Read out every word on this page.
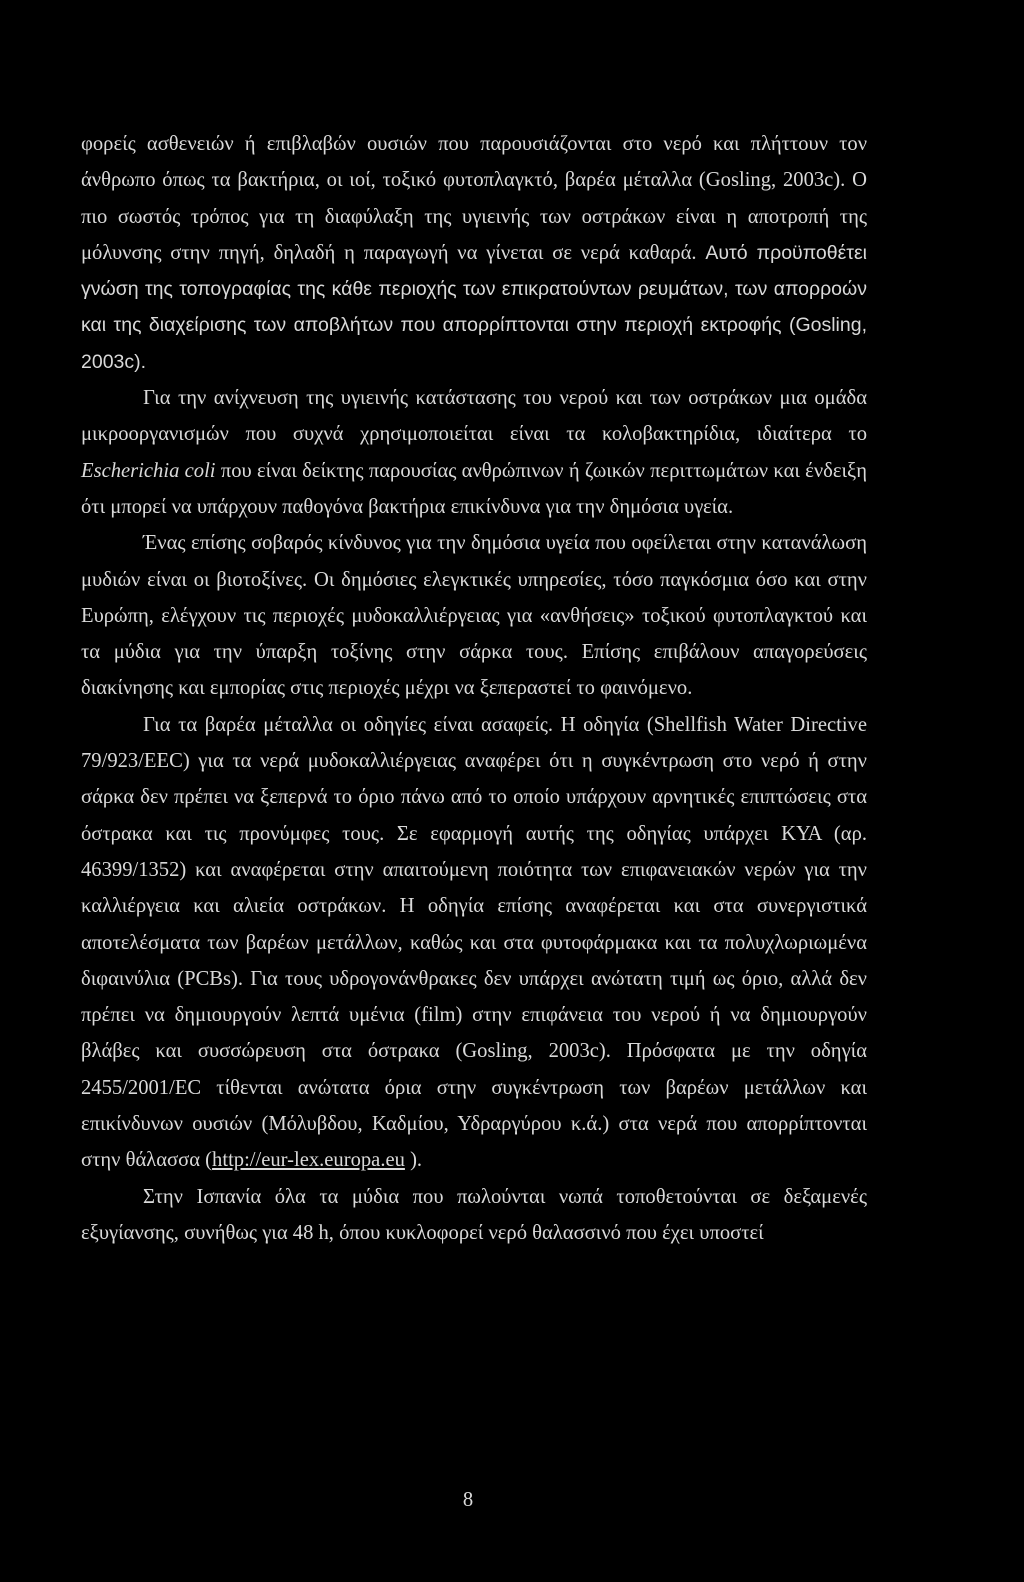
φορείς ασθενειών ή επιβλαβών ουσιών που παρουσιάζονται στο νερό και πλήττουν τον άνθρωπο όπως τα βακτήρια, οι ιοί, τοξικό φυτοπλαγκτό, βαρέα μέταλλα (Gosling, 2003c). Ο πιο σωστός τρόπος για τη διαφύλαξη της υγιεινής των οστράκων είναι η αποτροπή της μόλυνσης στην πηγή, δηλαδή η παραγωγή να γίνεται σε νερά καθαρά. Αυτό προϋποθέτει γνώση της τοπογραφίας της κάθε περιοχής των επικρατούντων ρευμάτων, των απορροών και της διαχείρισης των αποβλήτων που απορρίπτονται στην περιοχή εκτροφής (Gosling, 2003c).

Για την ανίχνευση της υγιεινής κατάστασης του νερού και των οστράκων μια ομάδα μικροοργανισμών που συχνά χρησιμοποιείται είναι τα κολοβακτηρίδια, ιδιαίτερα το Escherichia coli που είναι δείκτης παρουσίας ανθρώπινων ή ζωικών περιττωμάτων και ένδειξη ότι μπορεί να υπάρχουν παθογόνα βακτήρια επικίνδυνα για την δημόσια υγεία.

Ένας επίσης σοβαρός κίνδυνος για την δημόσια υγεία που οφείλεται στην κατανάλωση μυδιών είναι οι βιοτοξίνες. Οι δημόσιες ελεγκτικές υπηρεσίες, τόσο παγκόσμια όσο και στην Ευρώπη, ελέγχουν τις περιοχές μυδοκαλλιέργειας για «ανθήσεις» τοξικού φυτοπλαγκτού και τα μύδια για την ύπαρξη τοξίνης στην σάρκα τους. Επίσης επιβάλουν απαγορεύσεις διακίνησης και εμπορίας στις περιοχές μέχρι να ξεπεραστεί το φαινόμενο.

Για τα βαρέα μέταλλα οι οδηγίες είναι ασαφείς. Η οδηγία (Shellfish Water Directive 79/923/EEC) για τα νερά μυδοκαλλιέργειας αναφέρει ότι η συγκέντρωση στο νερό ή στην σάρκα δεν πρέπει να ξεπερνά το όριο πάνω από το οποίο υπάρχουν αρνητικές επιπτώσεις στα όστρακα και τις προνύμφες τους. Σε εφαρμογή αυτής της οδηγίας υπάρχει ΚΥΑ (αρ. 46399/1352) και αναφέρεται στην απαιτούμενη ποιότητα των επιφανειακών νερών για την καλλιέργεια και αλιεία οστράκων. Η οδηγία επίσης αναφέρεται και στα συνεργιστικά αποτελέσματα των βαρέων μετάλλων, καθώς και στα φυτοφάρμακα και τα πολυχλωριωμένα διφαινύλια (PCBs). Για τους υδρογονάνθρακες δεν υπάρχει ανώτατη τιμή ως όριο, αλλά δεν πρέπει να δημιουργούν λεπτά υμένια (film) στην επιφάνεια του νερού ή να δημιουργούν βλάβες και συσσώρευση στα όστρακα (Gosling, 2003c). Πρόσφατα με την οδηγία 2455/2001/EC τίθενται ανώτατα όρια στην συγκέντρωση των βαρέων μετάλλων και επικίνδυνων ουσιών (Μόλυβδου, Καδμίου, Υδραργύρου κ.ά.) στα νερά που απορρίπτονται στην θάλασσα (http://eur-lex.europa.eu ).

Στην Ισπανία όλα τα μύδια που πωλούνται νωπά τοποθετούνται σε δεξαμενές εξυγίανσης, συνήθως για 48 h, όπου κυκλοφορεί νερό θαλασσινό που έχει υποστεί

8
